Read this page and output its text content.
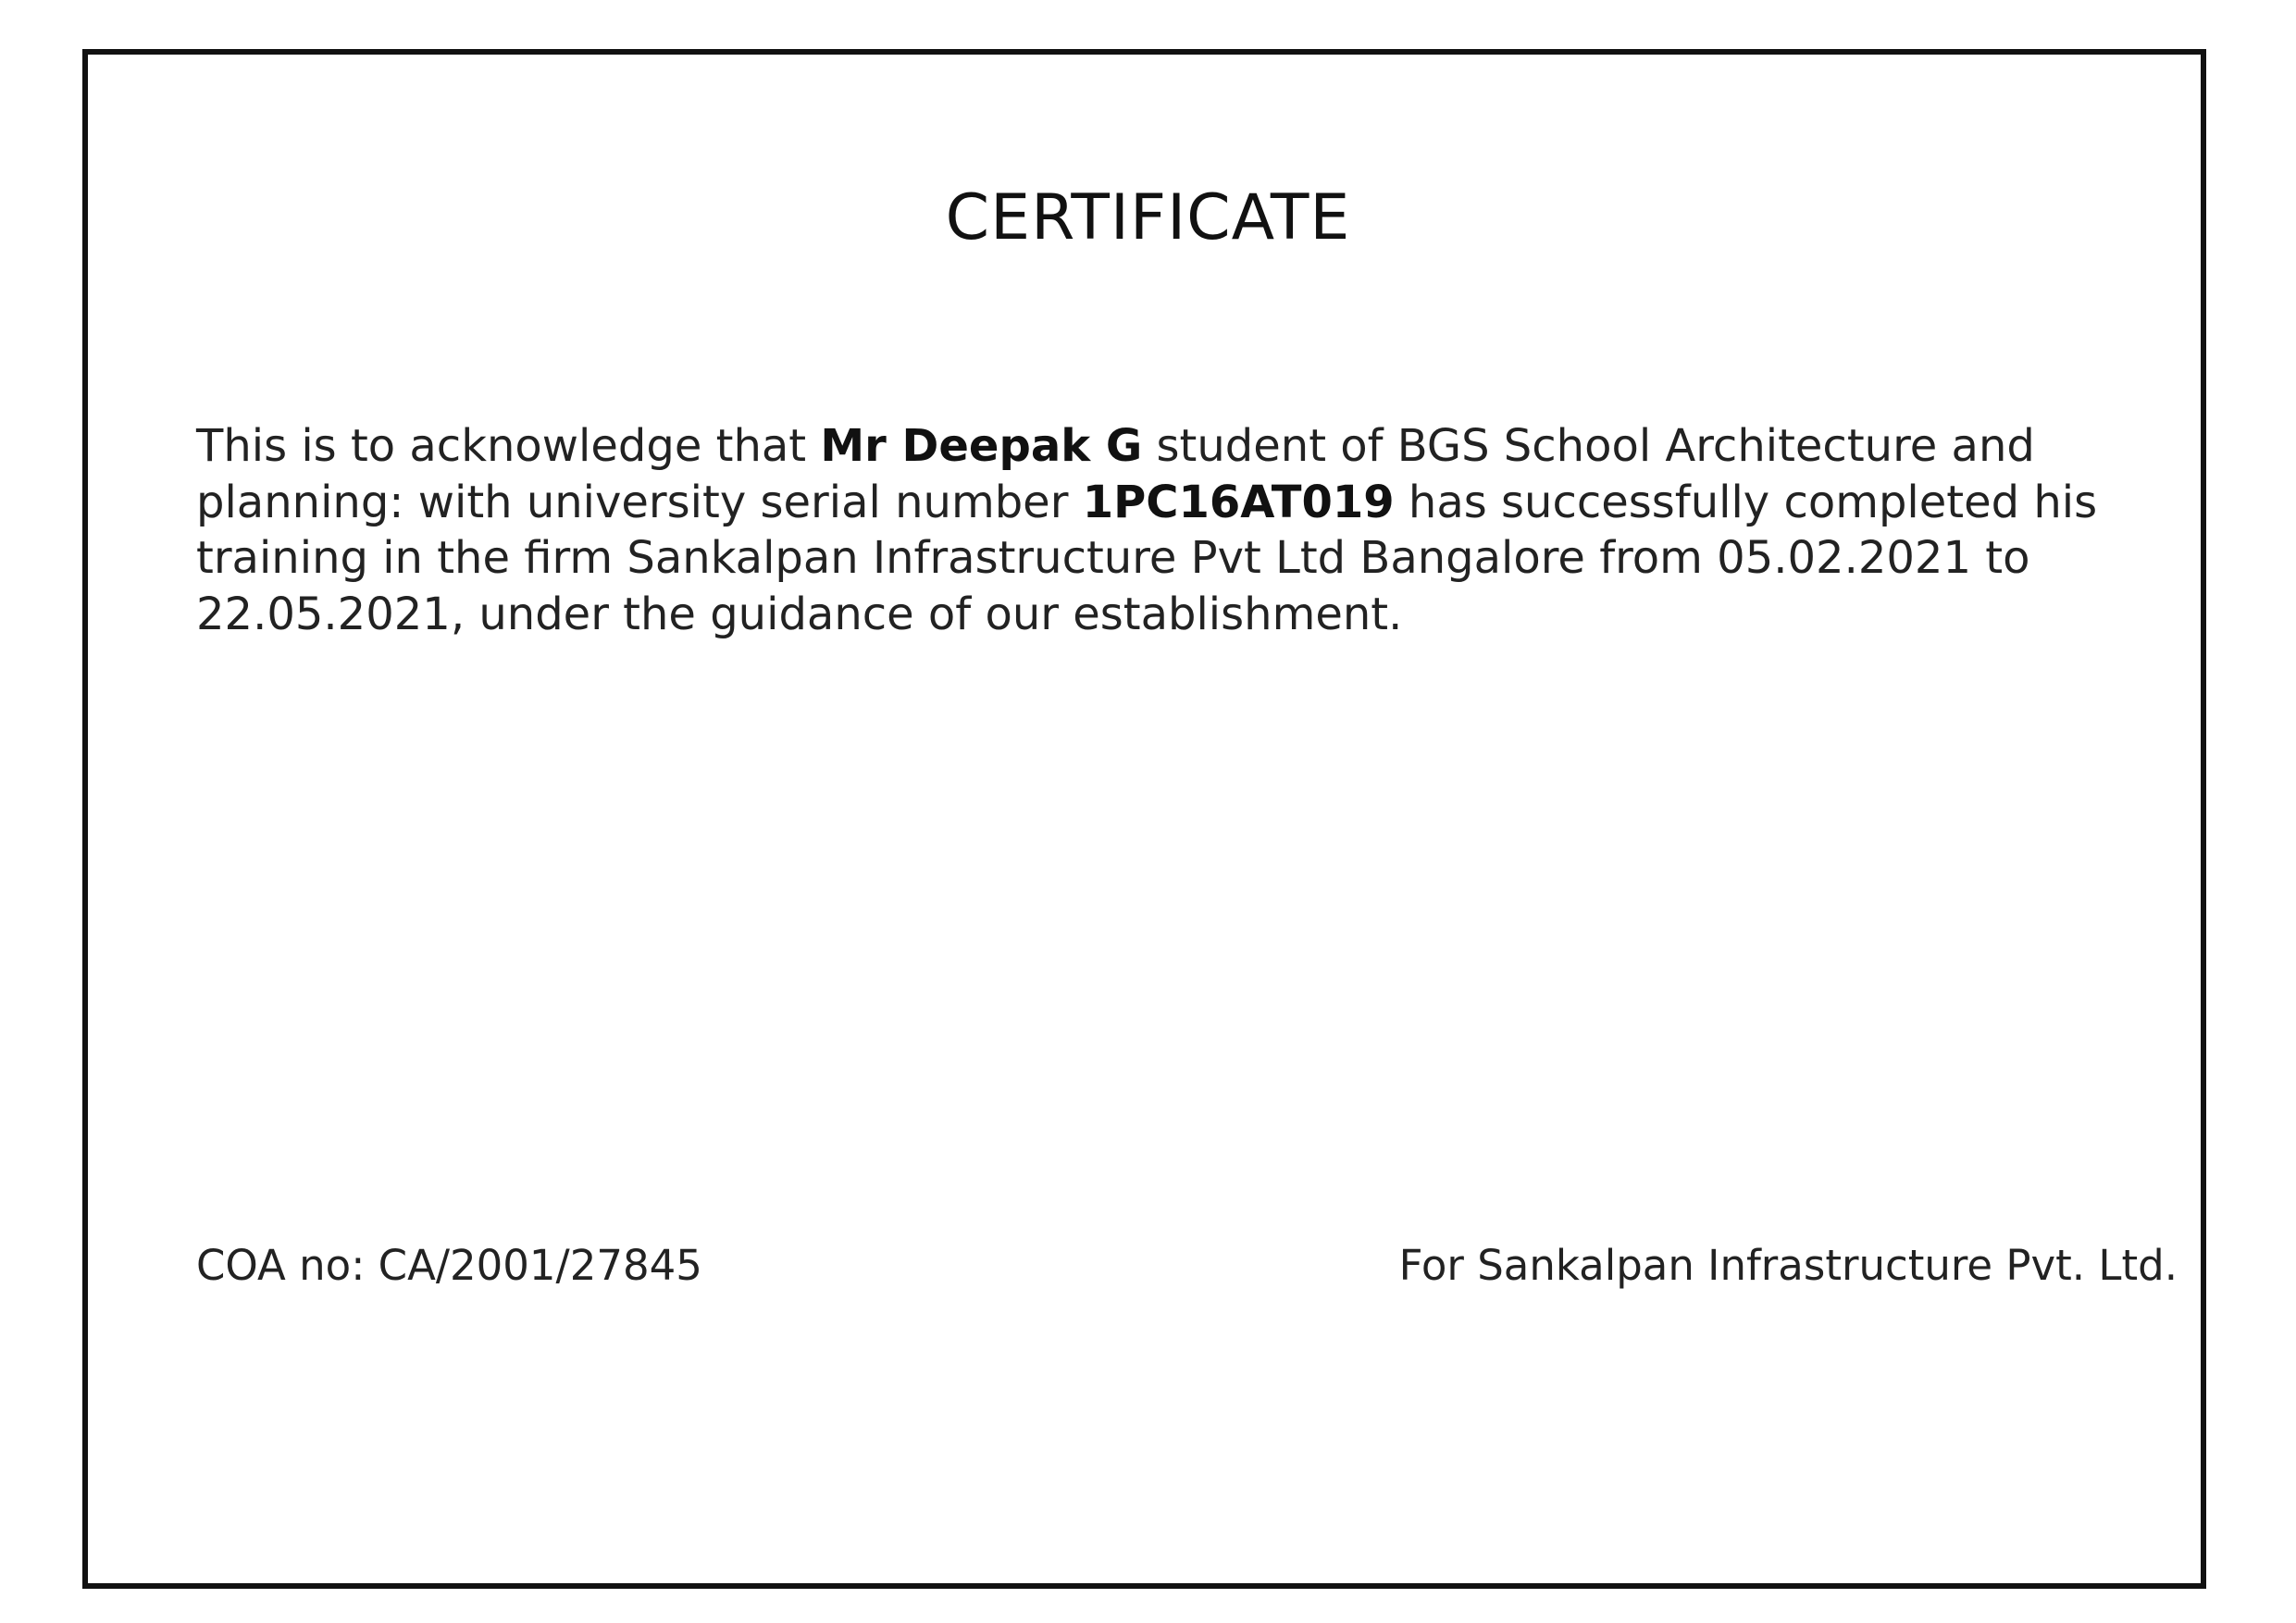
CERTIFICATE
This is to acknowledge that Mr Deepak G student of BGS School Architecture and planning: with university serial number 1PC16AT019 has successfully completed his training in the firm Sankalpan Infrastructure Pvt Ltd Bangalore from 05.02.2021 to 22.05.2021, under the guidance of our establishment.
COA no: CA/2001/27845	For Sankalpan Infrastructure Pvt. Ltd.
